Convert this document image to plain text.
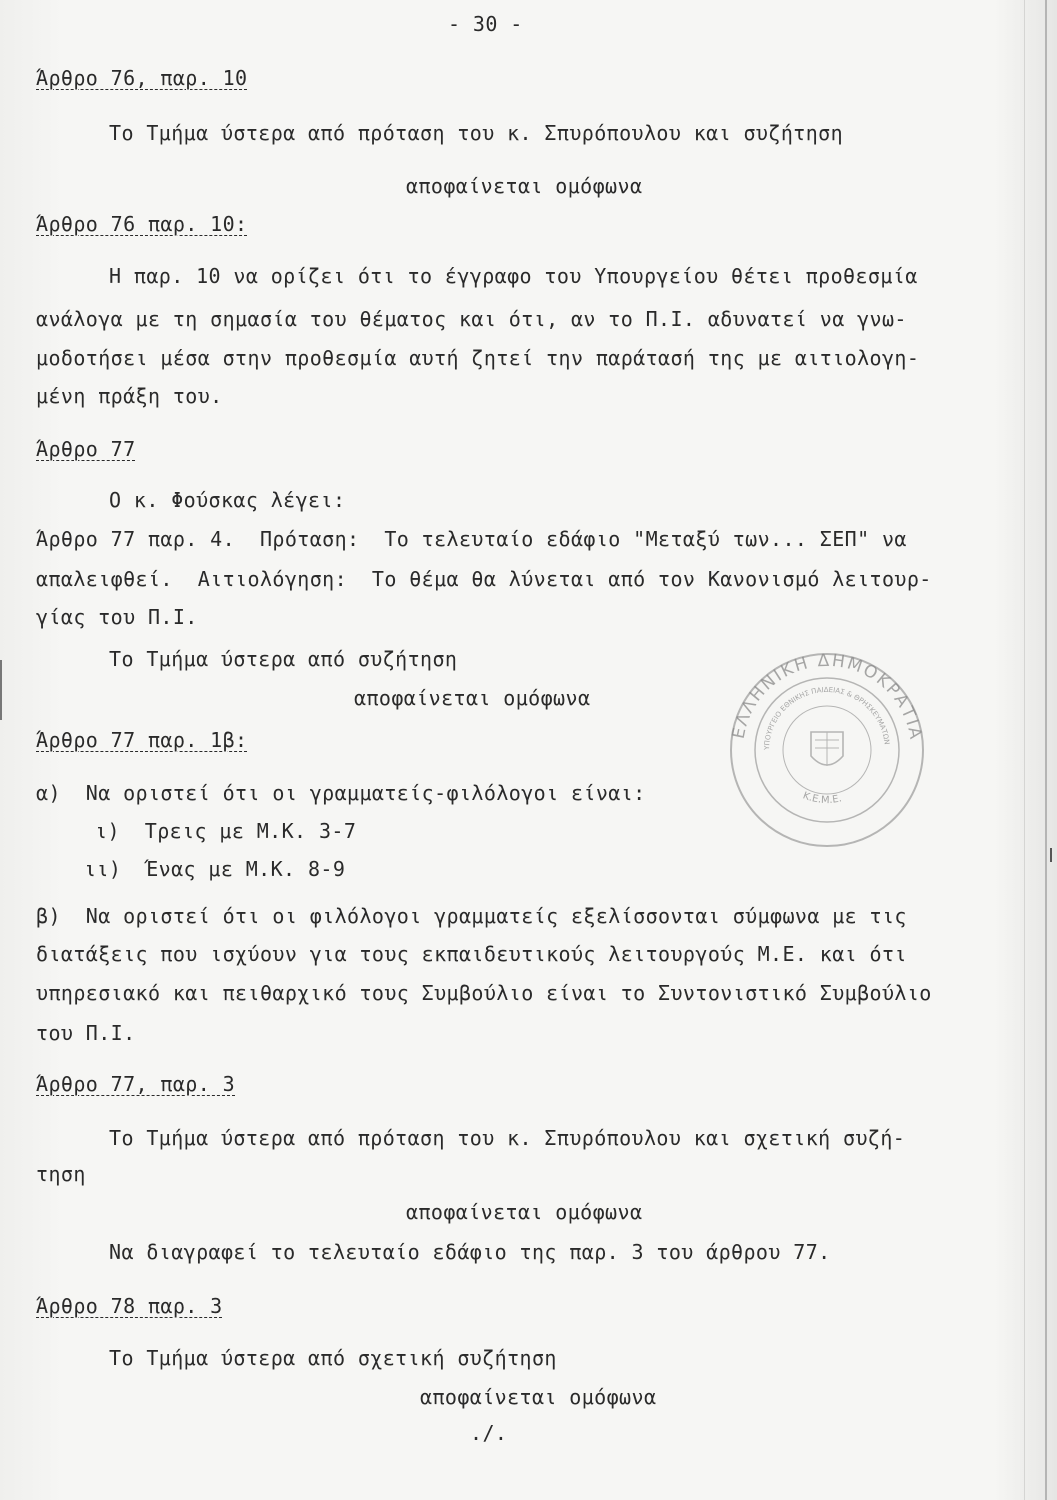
- 30 -
Άρθρο 76, παρ. 10
Το Τμήμα ύστερα από πρόταση του κ. Σπυρόπουλου και συζήτηση
αποφαίνεται ομόφωνα
Άρθρο 76 παρ. 10:
Η παρ. 10 να ορίζει ότι το έγγραφο του Υπουργείου θέτει προθεσμία
ανάλογα με τη σημασία του θέματος και ότι, αν το Π.Ι. αδυνατεί να γνω-
μοδοτήσει μέσα στην προθεσμία αυτή ζητεί την παράτασή της με αιτιολογη-
μένη πράξη του.
Άρθρο 77
Ο κ. Φούσκας λέγει:
Άρθρο 77 παρ. 4.  Πρόταση:  Το τελευταίο εδάφιο "Μεταξύ των... ΣΕΠ" να
απαλειφθεί.  Αιτιολόγηση:  Το θέμα θα λύνεται από τον Κανονισμό λειτουρ-
γίας του Π.Ι.
Το Τμήμα ύστερα από συζήτηση
αποφαίνεται ομόφωνα
Άρθρο 77 παρ. 1β:
α)  Να οριστεί ότι οι γραμματείς-φιλόλογοι είναι:
ι)  Τρεις με Μ.Κ. 3-7
ιι)  Ένας με Μ.Κ. 8-9
β)  Να οριστεί ότι οι φιλόλογοι γραμματείς εξελίσσονται σύμφωνα με τις
διατάξεις που ισχύουν για τους εκπαιδευτικούς λειτουργούς Μ.Ε. και ότι
υπηρεσιακό και πειθαρχικό τους Συμβούλιο είναι το Συντονιστικό Συμβούλιο
του Π.Ι.
Άρθρο 77, παρ. 3
Το Τμήμα ύστερα από πρόταση του κ. Σπυρόπουλου και σχετική συζή-
τηση
αποφαίνεται ομόφωνα
Να διαγραφεί το τελευταίο εδάφιο της παρ. 3 του άρθρου 77.
Άρθρο 78 παρ. 3
Το Τμήμα ύστερα από σχετική συζήτηση
αποφαίνεται ομόφωνα
./.
ΕΛΛΗΝΙΚΗ ΔΗΜΟΚΡΑΤΙΑ
ΥΠΟΥΡΓΕΙΟ ΕΘΝΙΚΗΣ ΠΑΙΔΕΙΑΣ & ΘΡΗΣΚΕΥΜΑΤΩΝ
Κ.Ε.Μ.Ε.
